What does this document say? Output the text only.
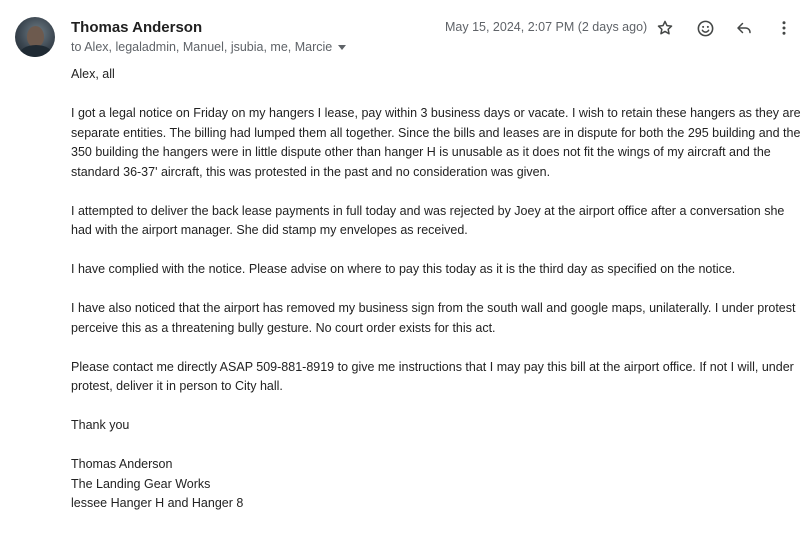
Thomas Anderson
to Alex, legaladmin, Manuel, jsubia, me, Marcie
May 15, 2024, 2:07 PM (2 days ago)

Alex, all

I got a legal notice on Friday on my hangers I lease, pay within 3 business days or vacate. I wish to retain these hangers as they are separate entities. The billing had lumped them all together. Since the bills and leases are in dispute for both the 295 building and the 350 building the hangers were in little dispute other than hanger H is unusable as it does not fit the wings of my aircraft and the standard 36-37' aircraft, this was protested in the past and no consideration was given.

I attempted to deliver the back lease payments in full today and was rejected by Joey at the airport office after a conversation she had with the airport manager. She did stamp my envelopes as received.

I have complied with the notice. Please advise on where to pay this today as it is the third day as specified on the notice.

I have also noticed that the airport has removed my business sign from the south wall and google maps, unilaterally. I under protest perceive this as a threatening bully gesture. No court order exists for this act.

Please contact me directly ASAP 509-881-8919 to give me instructions that I may pay this bill at the airport office. If not I will, under protest, deliver it in person to City hall.

Thank you

Thomas Anderson

The Landing Gear Works

lessee Hanger H and Hanger 8
